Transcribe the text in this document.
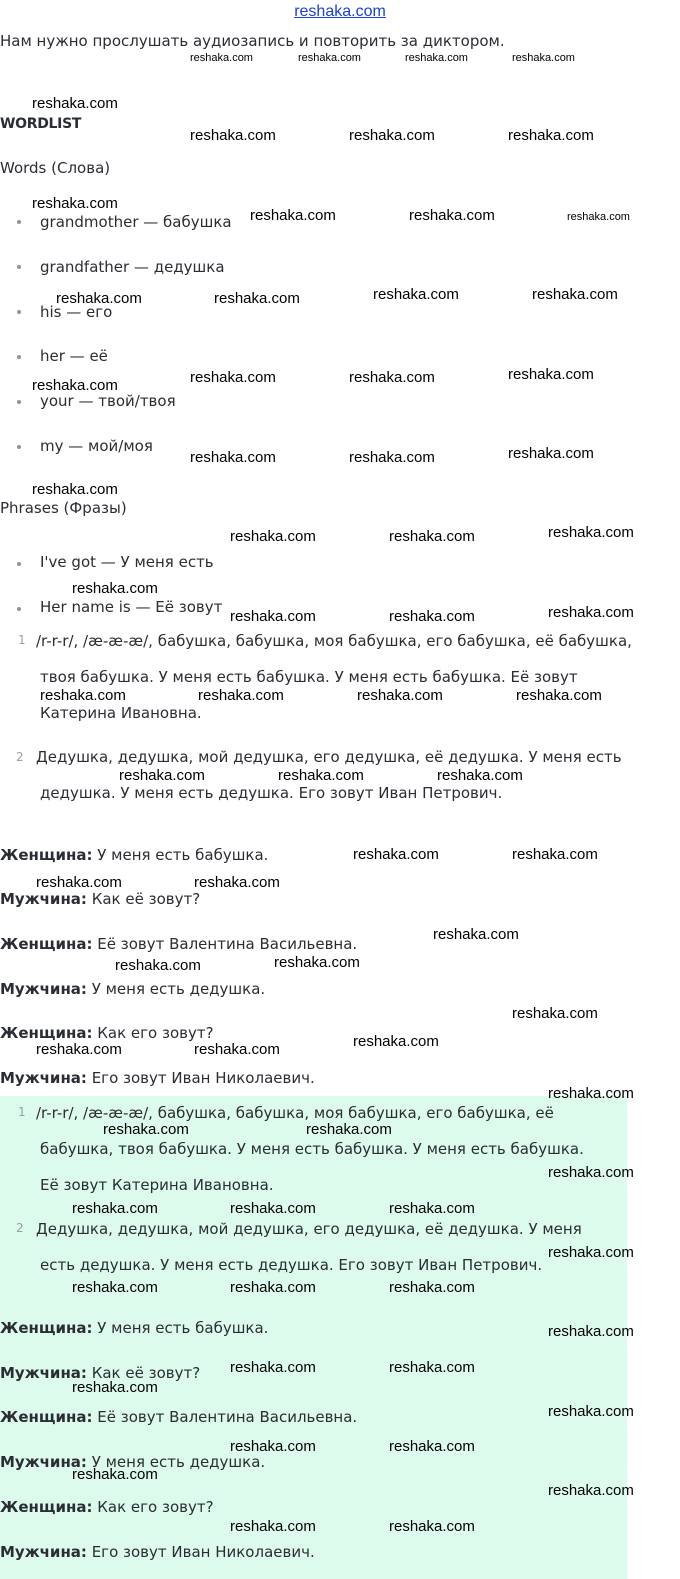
reshaka.com
Нам нужно прослушать аудиозапись и повторить за диктором.
WORDLIST
Words (Слова)
grandmother — бабушка
grandfather — дедушка
his — его
her — её
your — твой/твоя
my — мой/моя
Phrases (Фразы)
I've got — У меня есть
Her name is — Её зовут
1 /r-r-r/, /æ-æ-æ/, бабушка, бабушка, моя бабушка, его бабушка, её бабушка,
твоя бабушка. У меня есть бабушка. У меня есть бабушка. Её зовут
Катерина Ивановна.
2 Дедушка, дедушка, мой дедушка, его дедушка, её дедушка. У меня есть
дедушка. У меня есть дедушка. Его зовут Иван Петрович.
Женщина: У меня есть бабушка.
Мужчина: Как её зовут?
Женщина: Её зовут Валентина Васильевна.
Мужчина: У меня есть дедушка.
Женщина: Как его зовут?
Мужчина: Его зовут Иван Николаевич.
1 /r-r-r/, /æ-æ-æ/, бабушка, бабушка, моя бабушка, его бабушка, её
бабушка, твоя бабушка. У меня есть бабушка. У меня есть бабушка.
Её зовут Катерина Ивановна.
2 Дедушка, дедушка, мой дедушка, его дедушка, её дедушка. У меня
есть дедушка. У меня есть дедушка. Его зовут Иван Петрович.
Женщина: У меня есть бабушка.
Мужчина: Как её зовут?
Женщина: Её зовут Валентина Васильевна.
Мужчина: У меня есть дедушка.
Женщина: Как его зовут?
Мужчина: Его зовут Иван Николаевич.
reshaka.com	reshaka.com	reshaka.com	reshaka.com
reshaka.com
reshaka.com	reshaka.com	reshaka.com
reshaka.com
reshaka.com	reshaka.com	reshaka.com
reshaka.com	reshaka.com	reshaka.com	reshaka.com
reshaka.com	reshaka.com	reshaka.com	reshaka.com
reshaka.com	reshaka.com	reshaka.com
reshaka.com
reshaka.com	reshaka.com	reshaka.com
reshaka.com
reshaka.com	reshaka.com	reshaka.com
reshaka.com	reshaka.com	reshaka.com	reshaka.com
reshaka.com	reshaka.com	reshaka.com
reshaka.com	reshaka.com
reshaka.com	reshaka.com
reshaka.com
reshaka.com	reshaka.com
reshaka.com
reshaka.com	reshaka.com	reshaka.com
reshaka.com
reshaka.com	reshaka.com
reshaka.com
reshaka.com	reshaka.com	reshaka.com
reshaka.com
reshaka.com	reshaka.com	reshaka.com
reshaka.com
reshaka.com	reshaka.com
reshaka.com
reshaka.com
reshaka.com	reshaka.com
reshaka.com
reshaka.com
reshaka.com	reshaka.com
